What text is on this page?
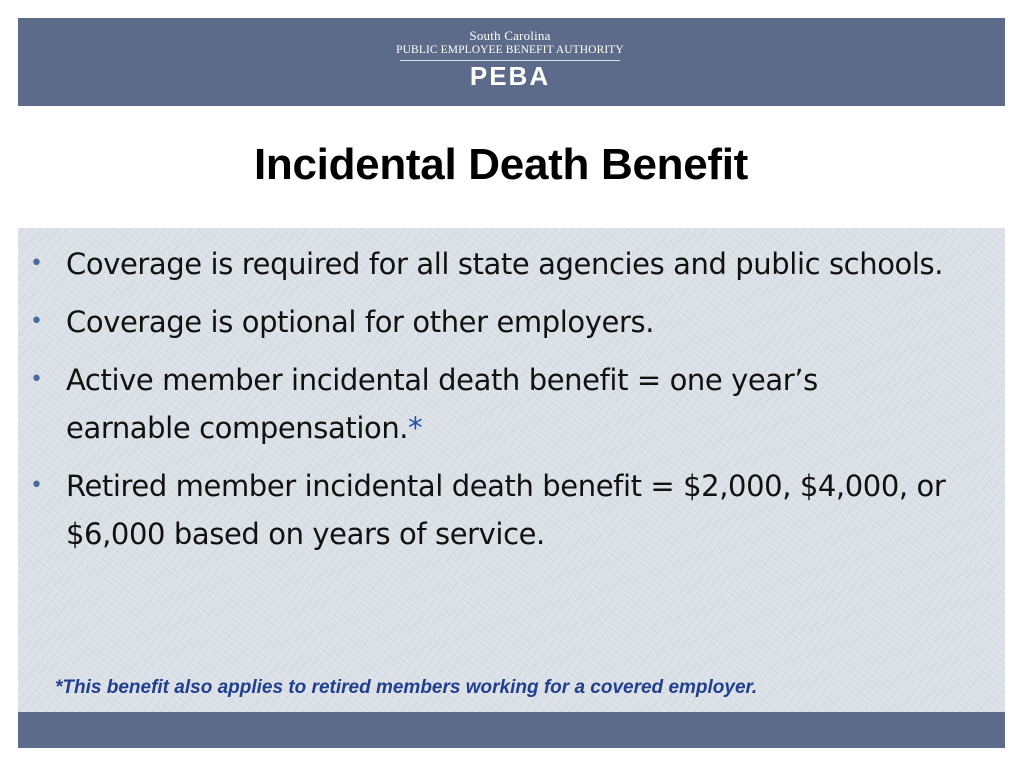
South Carolina
PUBLIC EMPLOYEE BENEFIT AUTHORITY
PEBA
Incidental Death Benefit
• Coverage is required for all state agencies and public schools.
• Coverage is optional for other employers.
• Active member incidental death benefit = one year’s earnable compensation.*
• Retired member incidental death benefit = $2,000, $4,000, or $6,000 based on years of service.
*This benefit also applies to retired members working for a covered employer.
